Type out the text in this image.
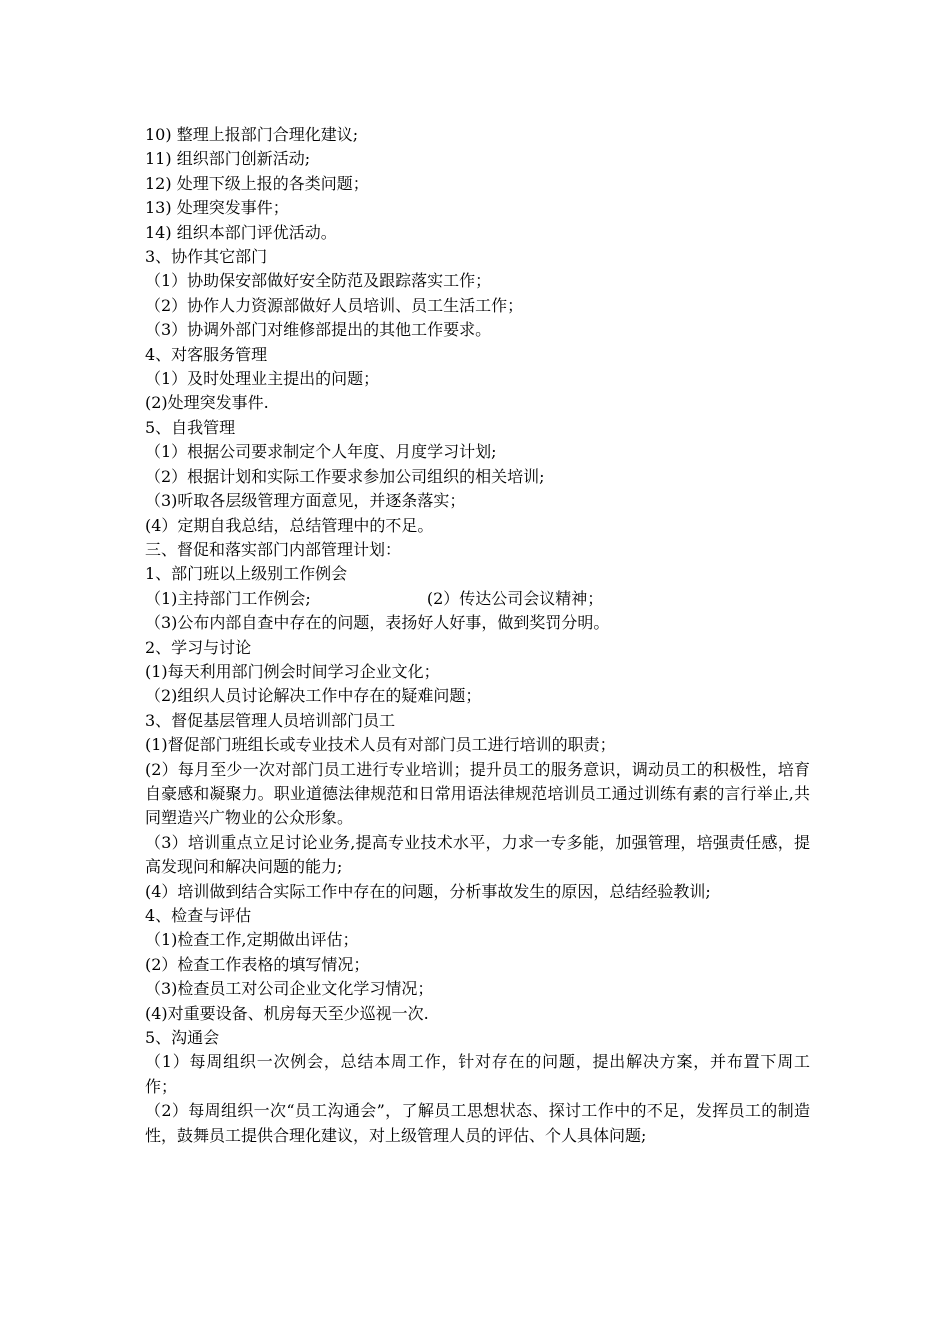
10) 整理上报部门合理化建议;
11) 组织部门创新活动;
12) 处理下级上报的各类问题；
13) 处理突发事件；
14) 组织本部门评优活动。
3、协作其它部门
（1）协助保安部做好安全防范及跟踪落实工作；
（2）协作人力资源部做好人员培训、员工生活工作；
（3）协调外部门对维修部提出的其他工作要求。
4、对客服务管理
（1）及时处理业主提出的问题；
(2)处理突发事件.
5、自我管理
（1）根据公司要求制定个人年度、月度学习计划;
（2）根据计划和实际工作要求参加公司组织的相关培训;
（3)听取各层级管理方面意见，并逐条落实；
(4）定期自我总结，总结管理中的不足。
三、督促和落实部门内部管理计划：
1、部门班以上级别工作例会
（1)主持部门工作例会;	(2）传达公司会议精神；
（3)公布内部自查中存在的问题，表扬好人好事，做到奖罚分明。
2、学习与讨论
(1)每天利用部门例会时间学习企业文化；
（2)组织人员讨论解决工作中存在的疑难问题；
3、督促基层管理人员培训部门员工
(1)督促部门班组长或专业技术人员有对部门员工进行培训的职责；
(2）每月至少一次对部门员工进行专业培训；提升员工的服务意识，调动员工的积极性，培育自豪感和凝聚力。职业道德法律规范和日常用语法律规范培训员工通过训练有素的言行举止,共同塑造兴广物业的公众形象。
（3）培训重点立足讨论业务,提高专业技术水平，力求一专多能，加强管理，培强责任感，提高发现问和解决问题的能力;
(4）培训做到结合实际工作中存在的问题，分析事故发生的原因，总结经验教训;
4、检查与评估
（1)检查工作,定期做出评估；
(2）检查工作表格的填写情况；
（3)检查员工对公司企业文化学习情况；
(4)对重要设备、机房每天至少巡视一次.
5、沟通会
（1）每周组织一次例会，总结本周工作，针对存在的问题，提出解决方案，并布置下周工作；
（2）每周组织一次“员工沟通会”，了解员工思想状态、探讨工作中的不足，发挥员工的制造性，鼓舞员工提供合理化建议，对上级管理人员的评估、个人具体问题;
